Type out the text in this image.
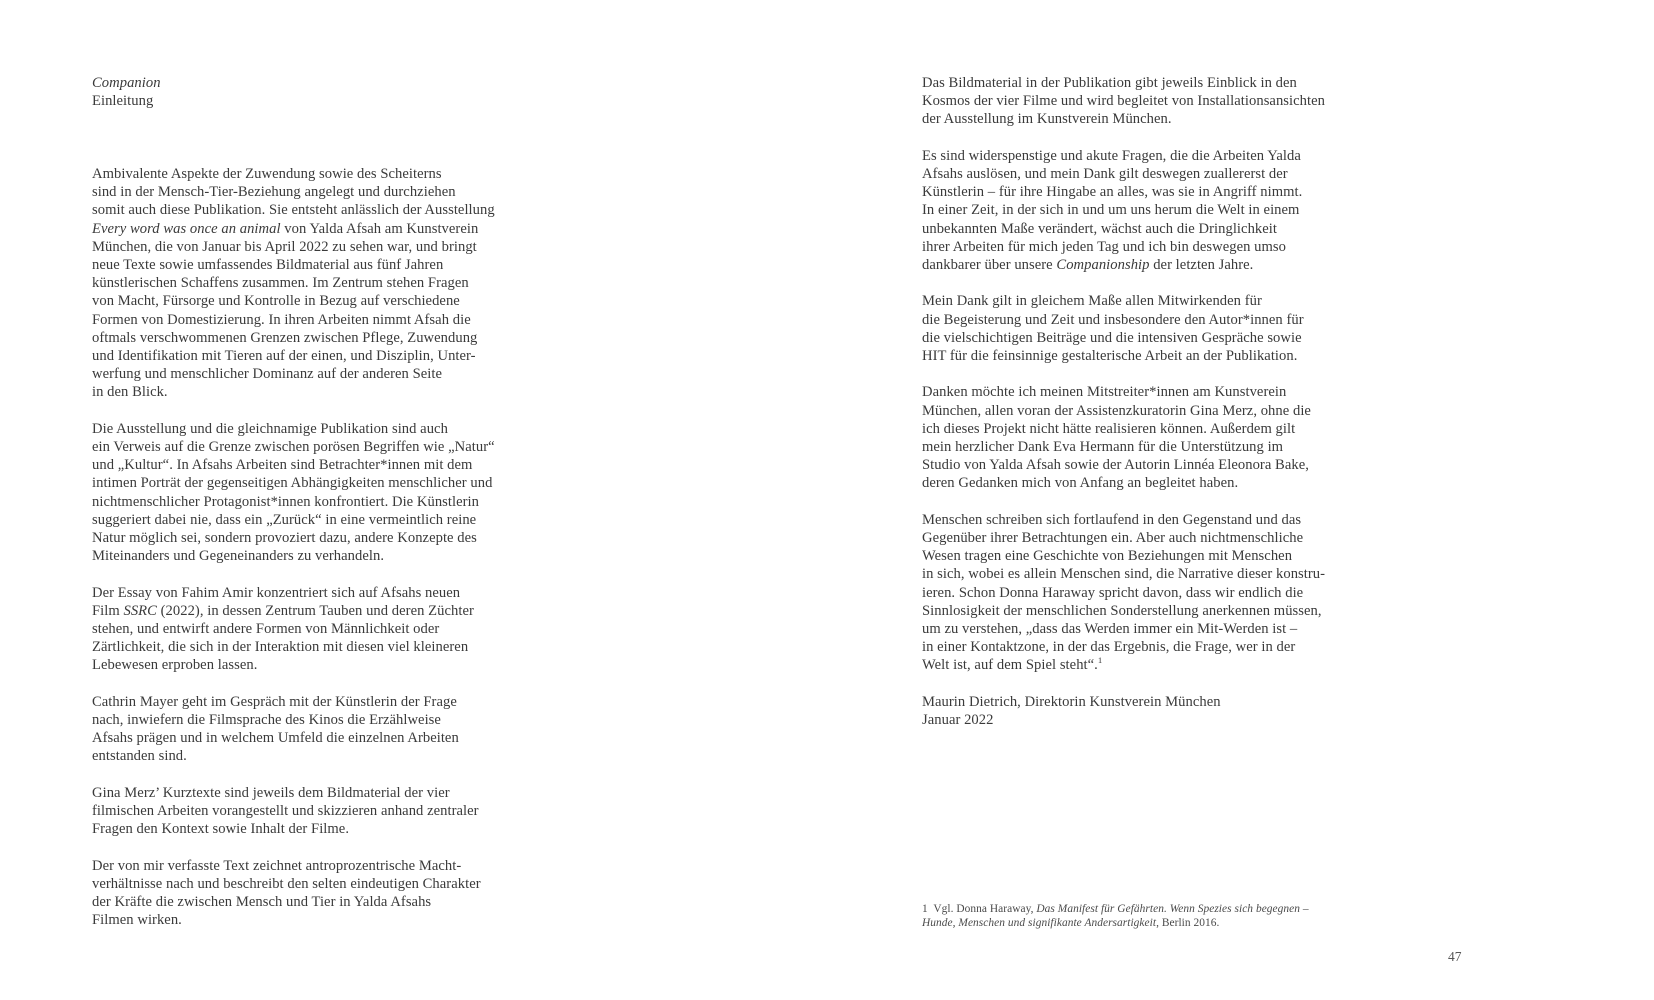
Companion
Einleitung
Ambivalente Aspekte der Zuwendung sowie des Scheiterns
sind in der Mensch-Tier-Beziehung angelegt und durchziehen
somit auch diese Publikation. Sie entsteht anlässlich der Ausstellung
Every word was once an animal von Yalda Afsah am Kunstverein
München, die von Januar bis April 2022 zu sehen war, und bringt
neue Texte sowie umfassendes Bildmaterial aus fünf Jahren
künstlerischen Schaffens zusammen. Im Zentrum stehen Fragen
von Macht, Fürsorge und Kontrolle in Bezug auf verschiedene
Formen von Domestizierung. In ihren Arbeiten nimmt Afsah die
oftmals verschwommenen Grenzen zwischen Pflege, Zuwendung
und Identifikation mit Tieren auf der einen, und Disziplin, Unter-
werfung und menschlicher Dominanz auf der anderen Seite
in den Blick.
Die Ausstellung und die gleichnamige Publikation sind auch
ein Verweis auf die Grenze zwischen porösen Begriffen wie „Natur“
und „Kultur“. In Afsahs Arbeiten sind Betrachter*innen mit dem
intimen Porträt der gegenseitigen Abhängigkeiten menschlicher und
nichtmenschlicher Protagonist*innen konfrontiert. Die Künstlerin
suggeriert dabei nie, dass ein „Zurück“ in eine vermeintlich reine
Natur möglich sei, sondern provoziert dazu, andere Konzepte des
Miteinanders und Gegeneinanders zu verhandeln.
Der Essay von Fahim Amir konzentriert sich auf Afsahs neuen
Film SSRC (2022), in dessen Zentrum Tauben und deren Züchter
stehen, und entwirft andere Formen von Männlichkeit oder
Zärtlichkeit, die sich in der Interaktion mit diesen viel kleineren
Lebewesen erproben lassen.
Cathrin Mayer geht im Gespräch mit der Künstlerin der Frage
nach, inwiefern die Filmsprache des Kinos die Erzählweise
Afsahs prägen und in welchem Umfeld die einzelnen Arbeiten
entstanden sind.
Gina Merz’ Kurztexte sind jeweils dem Bildmaterial der vier
filmischen Arbeiten vorangestellt und skizzieren anhand zentraler
Fragen den Kontext sowie Inhalt der Filme.
Der von mir verfasste Text zeichnet antroprozentrische Macht-
verhältnisse nach und beschreibt den selten eindeutigen Charakter
der Kräfte die zwischen Mensch und Tier in Yalda Afsahs
Filmen wirken.
Das Bildmaterial in der Publikation gibt jeweils Einblick in den
Kosmos der vier Filme und wird begleitet von Installationsansichten
der Ausstellung im Kunstverein München.
Es sind widerspenstige und akute Fragen, die die Arbeiten Yalda
Afsahs auslösen, und mein Dank gilt deswegen zuallererst der
Künstlerin – für ihre Hingabe an alles, was sie in Angriff nimmt.
In einer Zeit, in der sich in und um uns herum die Welt in einem
unbekannten Maße verändert, wächst auch die Dringlichkeit
ihrer Arbeiten für mich jeden Tag und ich bin deswegen umso
dankbarer über unsere Companionship der letzten Jahre.
Mein Dank gilt in gleichem Maße allen Mitwirkenden für
die Begeisterung und Zeit und insbesondere den Autor*innen für
die vielschichtigen Beiträge und die intensiven Gespräche sowie
HIT für die feinsinnige gestalterische Arbeit an der Publikation.
Danken möchte ich meinen Mitstreiter*innen am Kunstverein
München, allen voran der Assistenzkuratorin Gina Merz, ohne die
ich dieses Projekt nicht hätte realisieren können. Außerdem gilt
mein herzlicher Dank Eva Hermann für die Unterstützung im
Studio von Yalda Afsah sowie der Autorin Linnéa Eleonora Bake,
deren Gedanken mich von Anfang an begleitet haben.
Menschen schreiben sich fortlaufend in den Gegenstand und das
Gegenüber ihrer Betrachtungen ein. Aber auch nichtmenschliche
Wesen tragen eine Geschichte von Beziehungen mit Menschen
in sich, wobei es allein Menschen sind, die Narrative dieser konstru-
ieren. Schon Donna Haraway spricht davon, dass wir endlich die
Sinnlosigkeit der menschlichen Sonderstellung anerkennen müssen,
um zu verstehen, „dass das Werden immer ein Mit-Werden ist –
in einer Kontaktzone, in der das Ergebnis, die Frage, wer in der
Welt ist, auf dem Spiel steht“.$^1$
Maurin Dietrich, Direktorin Kunstverein München
Januar 2022
1  Vgl. Donna Haraway, Das Manifest für Gefährten. Wenn Spezies sich begegnen –
Hunde, Menschen und signifikante Andersartigkeit, Berlin 2016.
47
